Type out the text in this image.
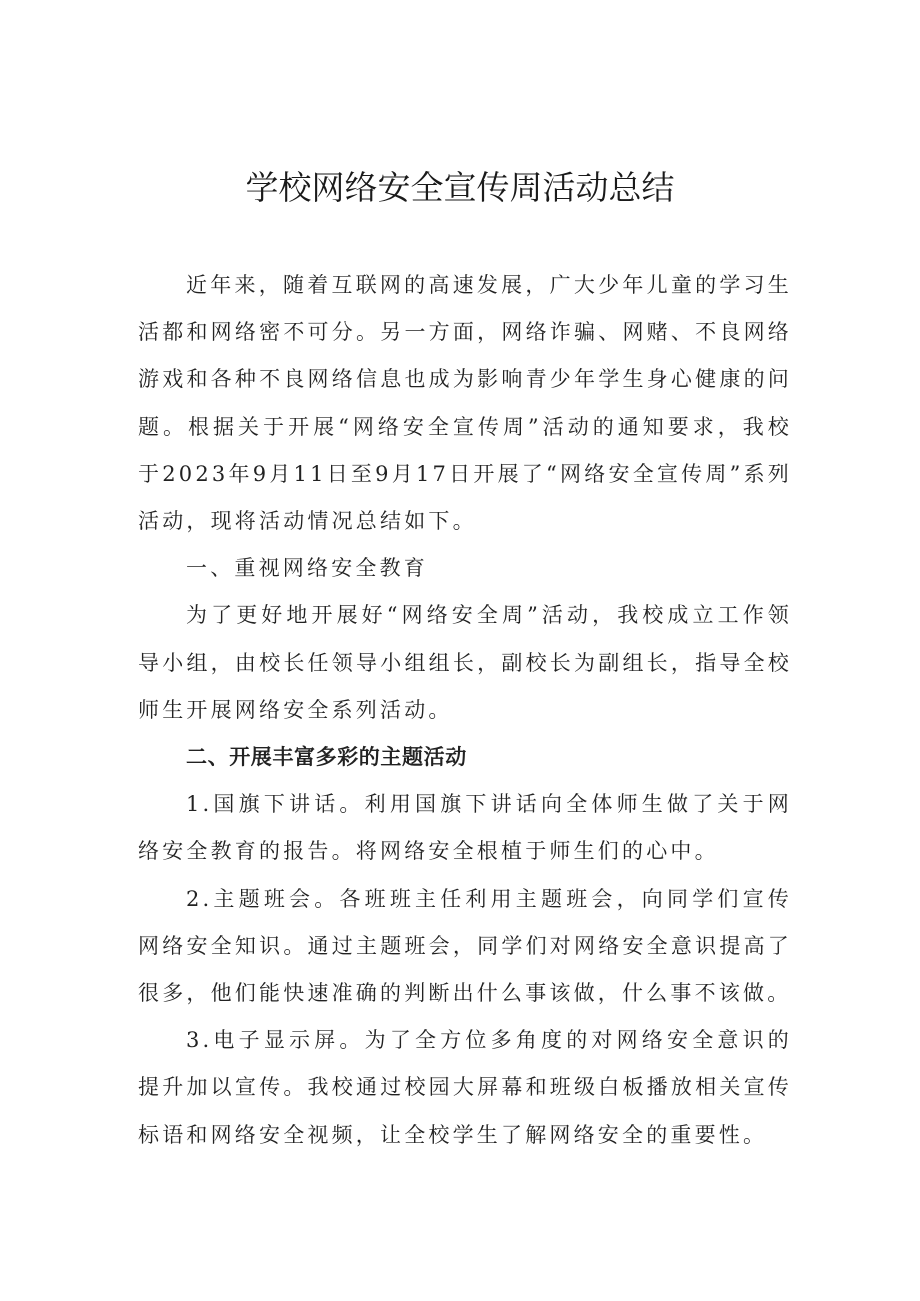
学校网络安全宣传周活动总结

近年来，随着互联网的高速发展，广大少年儿童的学习生活都和网络密不可分。另一方面，网络诈骗、网赌、不良网络游戏和各种不良网络信息也成为影响青少年学生身心健康的问题。根据关于开展“网络安全宣传周”活动的通知要求，我校于2023年9月11日至9月17日开展了“网络安全宣传周”系列活动，现将活动情况总结如下。

一、重视网络安全教育

为了更好地开展好“网络安全周”活动，我校成立工作领导小组，由校长任领导小组组长，副校长为副组长，指导全校师生开展网络安全系列活动。

二、开展丰富多彩的主题活动

1.国旗下讲话。利用国旗下讲话向全体师生做了关于网络安全教育的报告。将网络安全根植于师生们的心中。

2.主题班会。各班班主任利用主题班会，向同学们宣传网络安全知识。通过主题班会，同学们对网络安全意识提高了很多，他们能快速准确的判断出什么事该做，什么事不该做。

3.电子显示屏。为了全方位多角度的对网络安全意识的提升加以宣传。我校通过校园大屏幕和班级白板播放相关宣传标语和网络安全视频，让全校学生了解网络安全的重要性。
